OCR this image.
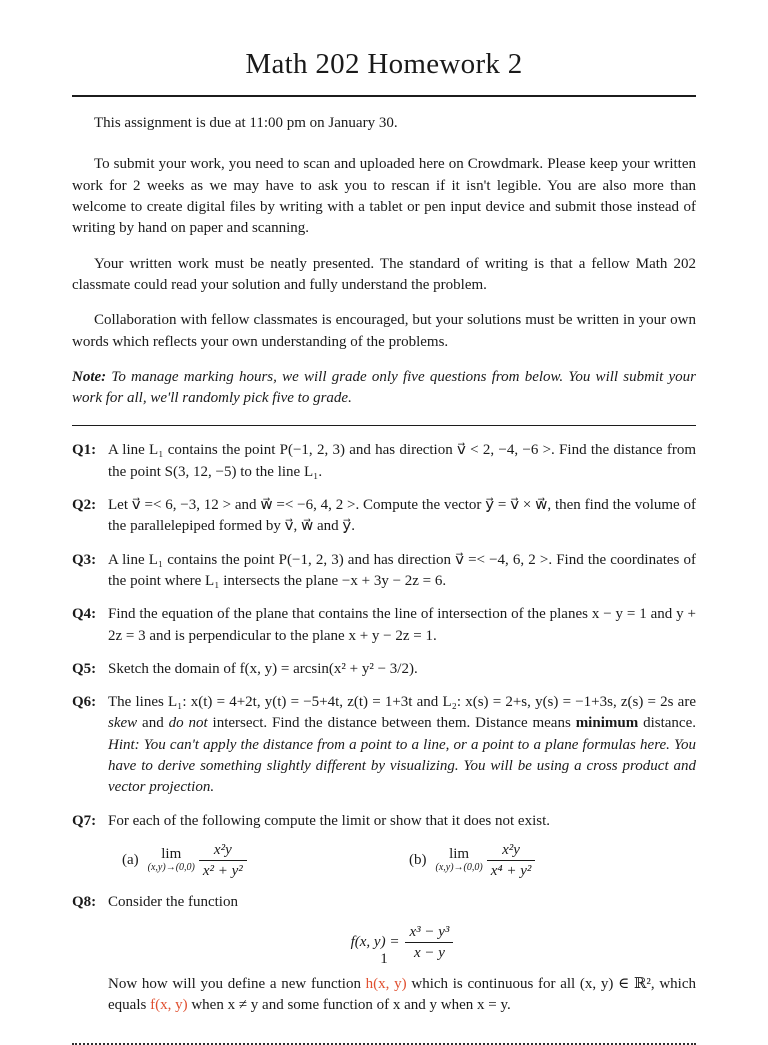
Math 202 Homework 2

This assignment is due at 11:00 pm on January 30.

To submit your work, you need to scan and uploaded here on Crowdmark. Please keep your written work for 2 weeks as we may have to ask you to rescan if it isn't legible. You are also more than welcome to create digital files by writing with a tablet or pen input device and submit those instead of writing by hand on paper and scanning.

Your written work must be neatly presented. The standard of writing is that a fellow Math 202 classmate could read your solution and fully understand the problem.

Collaboration with fellow classmates is encouraged, but your solutions must be written in your own words which reflects your own understanding of the problems.

Note: To manage marking hours, we will grade only five questions from below. You will submit your work for all, we'll randomly pick five to grade.

Q1: A line L₁ contains the point P(−1, 2, 3) and has direction v⃗ < 2, −4, −6 >. Find the distance from the point S(3, 12, −5) to the line L₁.
Q2: Let v⃗ =< 6, −3, 12 > and w⃗ =< −6, 4, 2 >. Compute the vector y⃗ = v⃗ × w⃗, then find the volume of the parallelepiped formed by v⃗, w⃗ and y⃗.
Q3: A line L₁ contains the point P(−1, 2, 3) and has direction v⃗ =< −4, 6, 2 >. Find the coordinates of the point where L₁ intersects the plane −x + 3y − 2z = 6.
Q4: Find the equation of the plane that contains the line of intersection of the planes x − y = 1 and y + 2z = 3 and is perpendicular to the plane x + y − 2z = 1.
Q5: Sketch the domain of f(x, y) = arcsin(x² + y² − 3/2).
Q6: The lines L₁: x(t) = 4+2t, y(t) = −5+4t, z(t) = 1+3t and L₂: x(s) = 2+s, y(s) = −1+3s, z(s) = 2s are skew and do not intersect. Find the distance between them. Distance means minimum distance. Hint: You can't apply the distance from a point to a line, or a point to a plane formulas here. You have to derive something slightly different by visualizing. You will be using a cross product and vector projection.
Q7: For each of the following compute the limit or show that it does not exist.
(a)	lim
$(x,y)\to(0,0) \frac{\text{x²y}}{\text{x² + y²}}$	(b)	lim
$(x,y)\to(0,0) \frac{\text{x²y}}{\text{x⁴ + y²}}$
Q8: Consider the function
f(x, $y) = \frac{\text{x³ − y³}}{x - y}$
Now how will you define a new function h(x, y) which is continuous for all (x, y) ∈ ℝ², which equals f(x, y) when x ≠ y and some function of x and y when x = y.
1
